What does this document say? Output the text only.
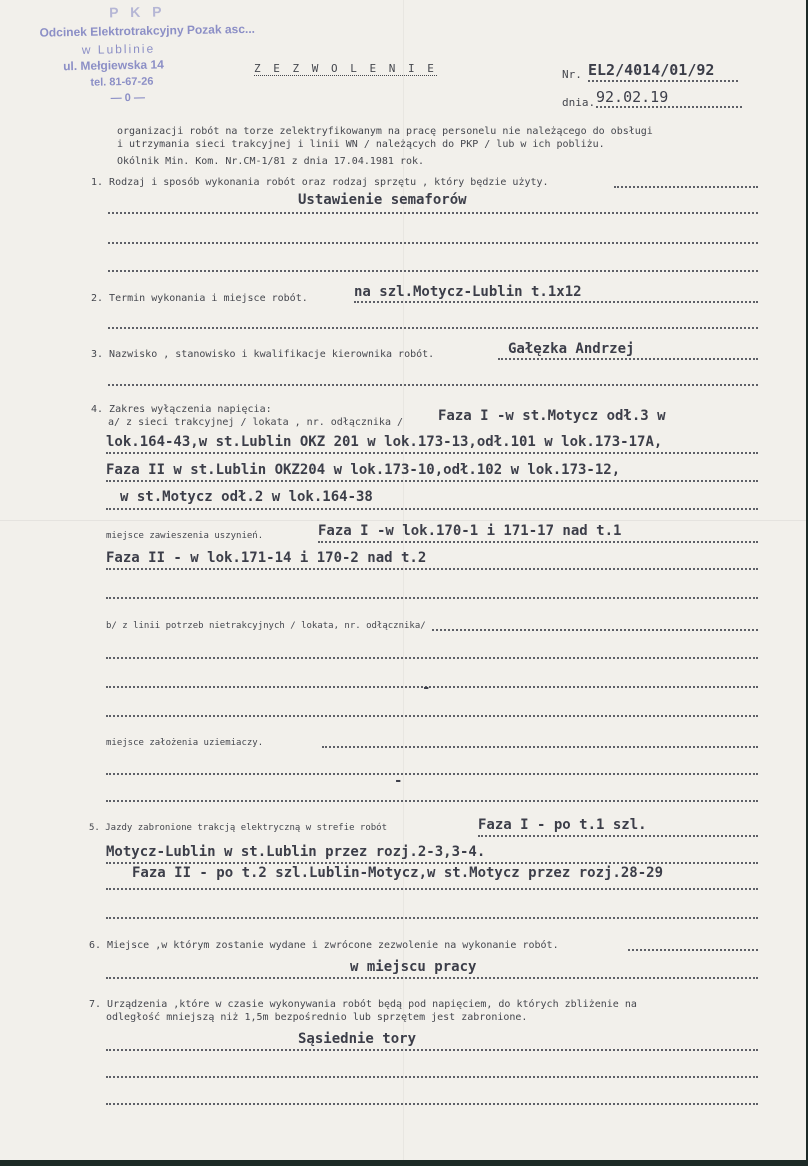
P K P
Odcinek Elektrotrakcyjny Pozak asc...
w Lublinie
ul. Mełgiewska 14
tel. 81-67-26
— 0 —
Z E Z W O L E N I E	Nr. EL2/4014/01/92
dnia. 92.02.19
organizacji robót na torze zelektryfikowanym na pracę personelu nie należącego do obsługi
i utrzymania sieci trakcyjnej i linii WN / należących do PKP / lub w ich pobliżu.
Okólnik Min. Kom. Nr.CM-1/81 z dnia 17.04.1981 rok.
1. Rodzaj i sposób wykonania robót oraz rodzaj sprzętu , który będzie użyty.
Ustawienie semaforów
2. Termin wykonania i miejsce robót.	na szl.Motycz-Lublin t.1x12
3. Nazwisko , stanowisko i kwalifikacje kierownika robót.	Gałęzka Andrzej
4. Zakres wyłączenia napięcia:
a/ z sieci trakcyjnej / lokata , nr. odłącznika / Faza I -w st.Motycz odł.3 w
lok.164-43,w st.Lublin OKZ 201 w lok.173-13,odł.101 w lok.173-17A,
Faza II w st.Lublin OKZ204 w lok.173-10,odł.102 w lok.173-12,
w st.Motycz odł.2 w lok.164-38
miejsce zawieszenia uszynień.	Faza I -w lok.170-1 i 171-17 nad t.1
Faza II - w lok.171-14 i 170-2 nad t.2
b/ z linii potrzeb nietrakcyjnych / lokata, nr. odłącznika/
-
miejsce założenia uziemiaczy.
-
5. Jazdy zabronione trakcją elektryczną w strefie robót	Faza I - po t.1 szl.
Motycz-Lublin w st.Lublin przez rozj.2-3,3-4.
Faza II - po t.2 szl.Lublin-Motycz,w st.Motycz przez rozj.28-29
6. Miejsce ,w którym zostanie wydane i zwrócone zezwolenie na wykonanie robót.
w miejscu pracy
7. Urządzenia ,które w czasie wykonywania robót będą pod napięciem, do których zbliżenie na
odległość mniejszą niż 1,5m bezpośrednio lub sprzętem jest zabronione.
Sąsiednie tory
